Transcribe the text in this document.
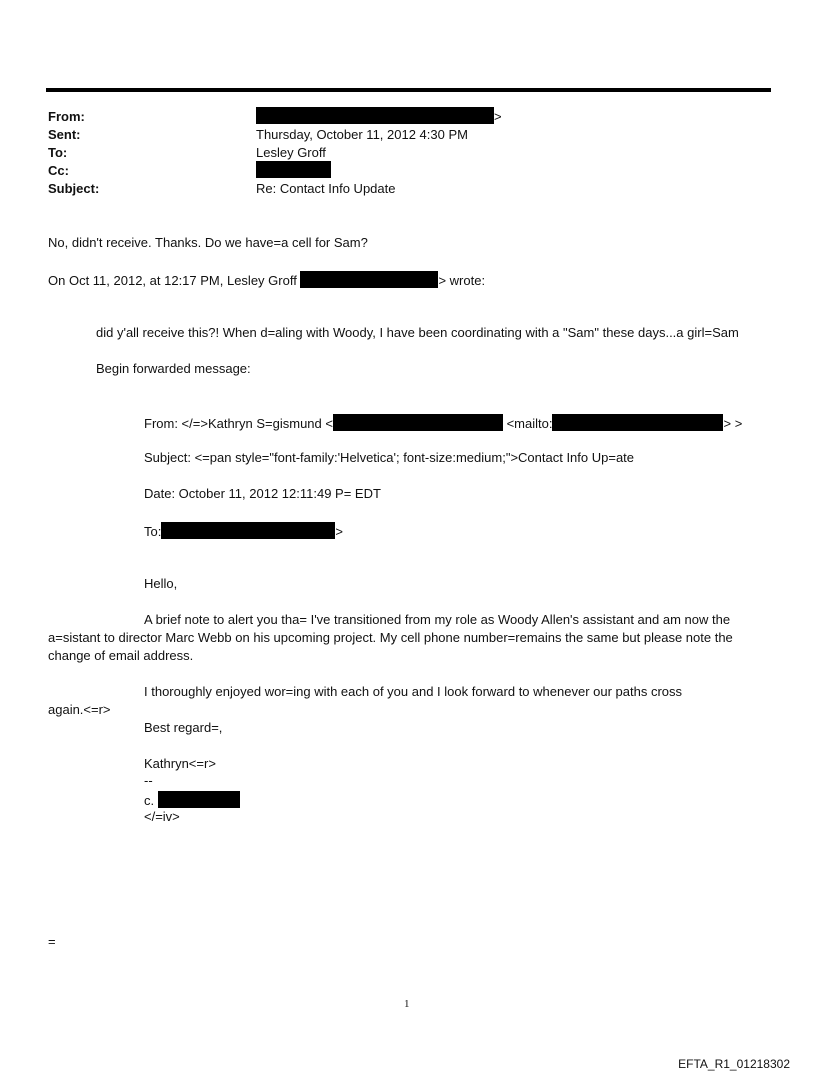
From:	>
Sent:	Thursday, October 11, 2012 4:30 PM
To:	Lesley Groff
Cc:
Subject:	Re: Contact Info Update
No, didn't receive. Thanks. Do we have=a cell for Sam?
On Oct 11, 2012, at 12:17 PM, Lesley Groff	> wrote:
did y'all receive this?! When d=aling with Woody, I have been coordinating with a "Sam" these days...a girl=Sam
Begin forwarded message:
From: </=>Kathryn S=gismund <	<mailto:	> >
Subject: <=pan style="font-family:'Helvetica'; font-size:medium;">Contact Info Up=ate
Date: October 11, 2012 12:11:49 P= EDT
To:	>
Hello,
A brief note to alert you tha= I've transitioned from my role as Woody Allen's assistant and am now the
a=sistant to director Marc Webb on his upcoming project. My cell phone number=remains the same but please note the
change of email address.
I thoroughly enjoyed wor=ing with each of you and I look forward to whenever our paths cross
again.<=r>
Best regard=,
Kathryn<=r>
--
c.
</=iv>
=
1
EFTA_R1_01218302
